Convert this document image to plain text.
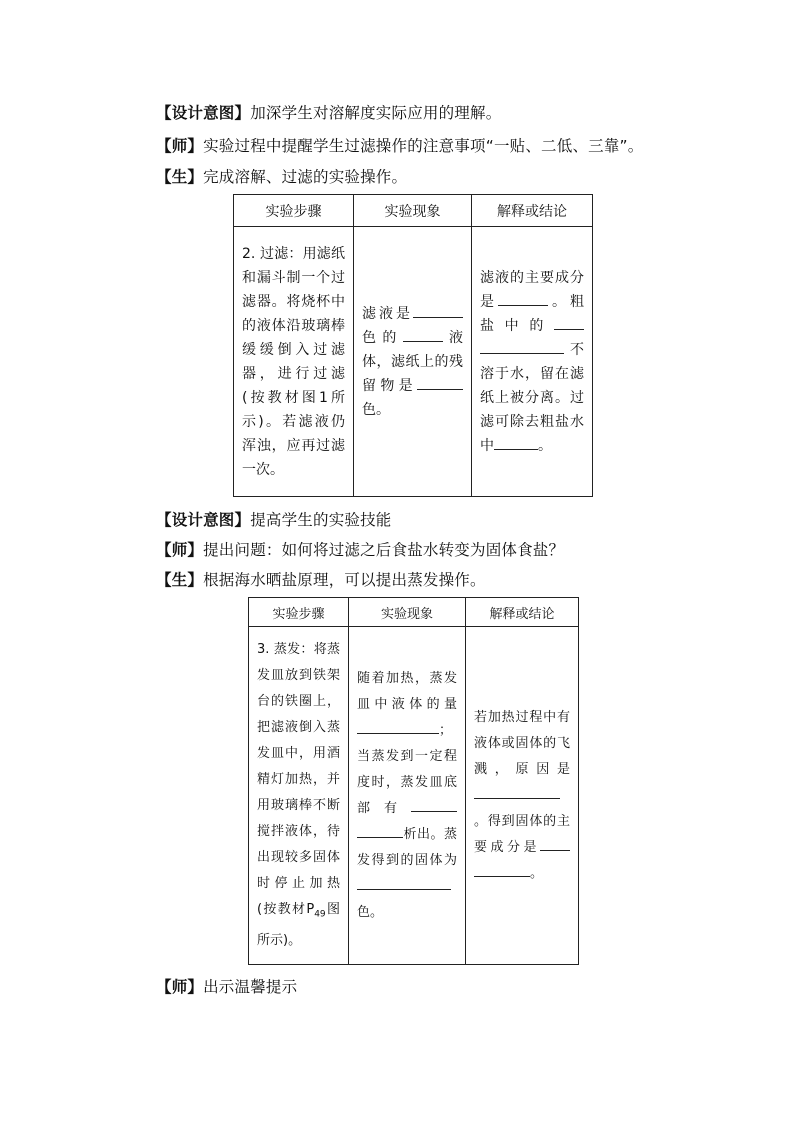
【设计意图】加深学生对溶解度实际应用的理解。
【师】实验过程中提醒学生过滤操作的注意事项“一贴、二低、三靠”。
【生】完成溶解、过滤的实验操作。
实验步骤	实验现象	解释或结论

2. 过滤：用滤纸和漏斗制一个过滤器。将烧杯中的液体沿玻璃棒缓缓倒入过滤器，进行过滤(按教材图1所示)。若滤液仍浑浊，应再过滤一次。	滤液是色的 液体，滤纸上的残留物是色。	滤液的主要成分是 。粗盐中的不溶于水，留在滤纸上被分离。过滤可除去粗盐水中 。
【设计意图】提高学生的实验技能
【师】提出问题：如何将过滤之后食盐水转变为固体食盐？
【生】根据海水晒盐原理，可以提出蒸发操作。
实验步骤	实验现象	解释或结论

3. 蒸发：将蒸发皿放到铁架台的铁圈上，把滤液倒入蒸发皿中，用酒精灯加热，并用玻璃棒不断搅拌液体，待出现较多固体时停止加热(按教材$P_{49}$图所示)。	随着加热，蒸发皿中液体的量；当蒸发到一定程度时，蒸发皿底部有析出。蒸发得到的固体为色。	若加热过程中有液体或固体的飞溅，原因是。得到固体的主要成分是。
【师】出示温馨提示
